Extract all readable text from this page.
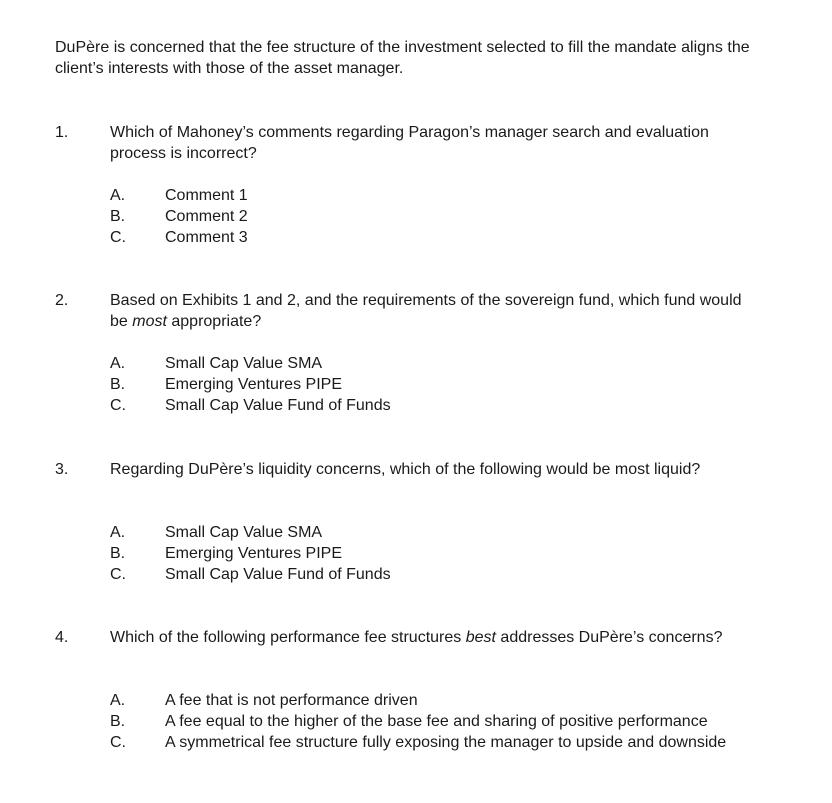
DuPère is concerned that the fee structure of the investment selected to fill the mandate aligns the client’s interests with those of the asset manager.
1.	Which of Mahoney’s comments regarding Paragon’s manager search and evaluation process is incorrect?
A. Comment 1
B. Comment 2
C. Comment 3
2.	Based on Exhibits 1 and 2, and the requirements of the sovereign fund, which fund would be most appropriate?
A. Small Cap Value SMA
B. Emerging Ventures PIPE
C. Small Cap Value Fund of Funds
3.	Regarding DuPère’s liquidity concerns, which of the following would be most liquid?
A. Small Cap Value SMA
B. Emerging Ventures PIPE
C. Small Cap Value Fund of Funds
4.	Which of the following performance fee structures best addresses DuPère’s concerns?
A. A fee that is not performance driven
B. A fee equal to the higher of the base fee and sharing of positive performance
C. A symmetrical fee structure fully exposing the manager to upside and downside
